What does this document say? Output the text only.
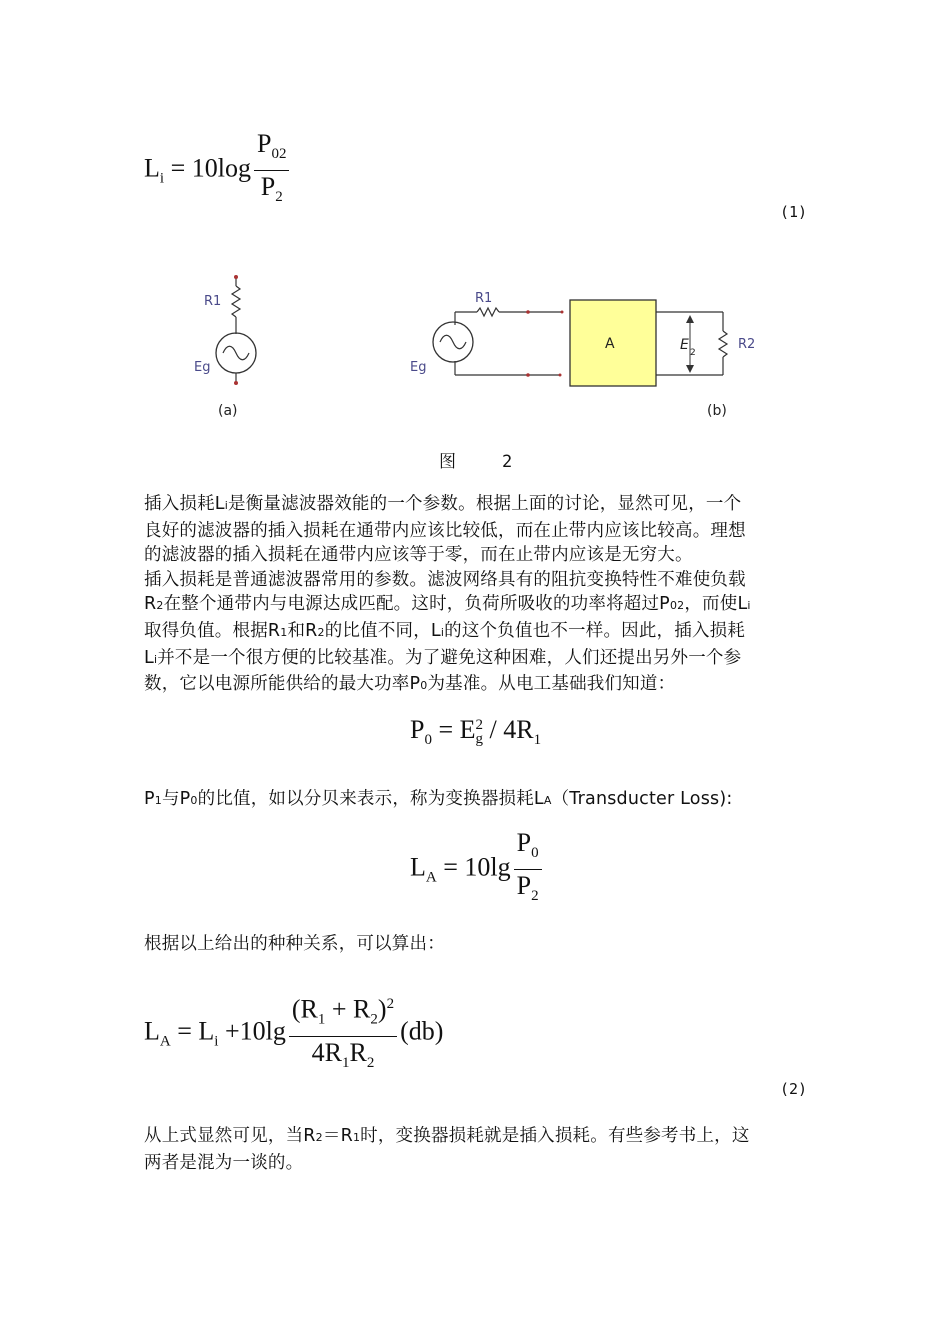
$L_i = 10\log \frac{P_{02}}{P_2}$	(1)
R1
Eg
(a)
A
R1
Eg
E 2
R2
(b)
图	2

插入损耗Li是衡量滤波器效能的一个参数。根据上面的讨论，显然可见，一个

良好的滤波器的插入损耗在通带内应该比较低，而在止带内应该比较高。理想

的滤波器的插入损耗在通带内应该等于零，而在止带内应该是无穷大。

插入损耗是普通滤波器常用的参数。滤波网络具有的阻抗变换特性不难使负载

R2在整个通带内与电源达成匹配。这时，负荷所吸收的功率将超过P02，而使Li

取得负值。根据R1和R2的比值不同，Li的这个负值也不一样。因此，插入损耗

Li并不是一个很方便的比较基准。为了避免这种困难，人们还提出另外一个参

数，它以电源所能供给的最大功率P0为基准。从电工基础我们知道：

$P_0 = E$ 2
g / $4R_1$
P1与P0的比值，如以分贝来表示，称为变换器损耗LA（Transducter Loss):
$L_A = 10\lg \frac{P_0}{P_2}$
根据以上给出的种种关系，可以算出：
$L_A = L_i +10\lg \frac{(R_1 + R_2)^2}{4R_1R_2} (db)$
(2)

从上式显然可见，当R2＝R1时，变换器损耗就是插入损耗。有些参考书上，这

两者是混为一谈的。
